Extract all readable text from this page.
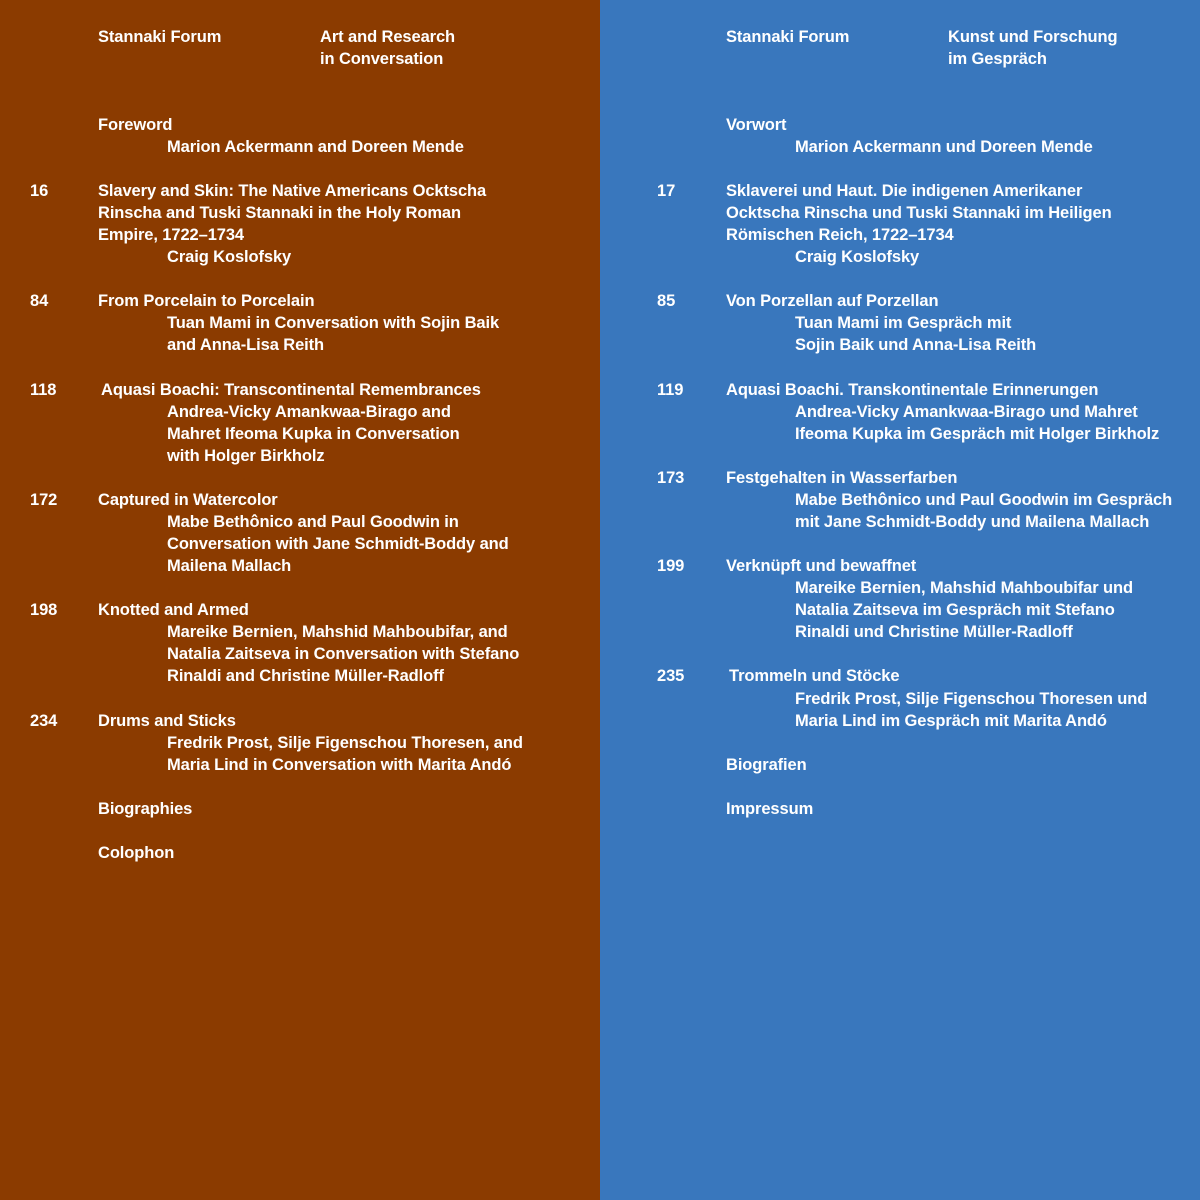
Stannaki Forum	Art and Research
in Conversation
Foreword
Marion Ackermann and Doreen Mende
16	Slavery and Skin: The Native Americans Ocktscha
Rinscha and Tuski Stannaki in the Holy Roman
Empire, 1722–1734
Craig Koslofsky
84	From Porcelain to Porcelain
Tuan Mami in Conversation with Sojin Baik
and Anna-Lisa Reith
118	Aquasi Boachi: Transcontinental Remembrances
Andrea-Vicky Amankwaa-Birago and
Mahret Ifeoma Kupka in Conversation
with Holger Birkholz
172 Captured in Watercolor
Mabe Bethônico and Paul Goodwin in
Conversation with Jane Schmidt-Boddy and
Mailena Mallach
198 Knotted and Armed
Mareike Bernien, Mahshid Mahboubifar, and
Natalia Zaitseva in Conversation with Stefano
Rinaldi and Christine Müller-Radloff
234 Drums and Sticks
Fredrik Prost, Silje Figenschou Thoresen, and
Maria Lind in Conversation with Marita Andó
Biographies
Colophon
Stannaki Forum	Kunst und Forschung
im Gespräch
Vorwort
Marion Ackermann und Doreen Mende
17	Sklaverei und Haut. Die indigenen Amerikaner
Ocktscha Rinscha und Tuski Stannaki im Heiligen
Römischen Reich, 1722–1734
Craig Koslofsky
85	Von Porzellan auf Porzellan
Tuan Mami im Gespräch mit
Sojin Baik und Anna-Lisa Reith
119	Aquasi Boachi. Transkontinentale Erinnerungen
Andrea-Vicky Amankwaa-Birago und Mahret
Ifeoma Kupka im Gespräch mit Holger Birkholz
173	Festgehalten in Wasserfarben
Mabe Bethônico und Paul Goodwin im Gespräch
mit Jane Schmidt-Boddy und Mailena Mallach
199	Verknüpft und bewaffnet
Mareike Bernien, Mahshid Mahboubifar und
Natalia Zaitseva im Gespräch mit Stefano
Rinaldi und Christine Müller-Radloff
235	Trommeln und Stöcke
Fredrik Prost, Silje Figenschou Thoresen und
Maria Lind im Gespräch mit Marita Andó
Biografien
Impressum
